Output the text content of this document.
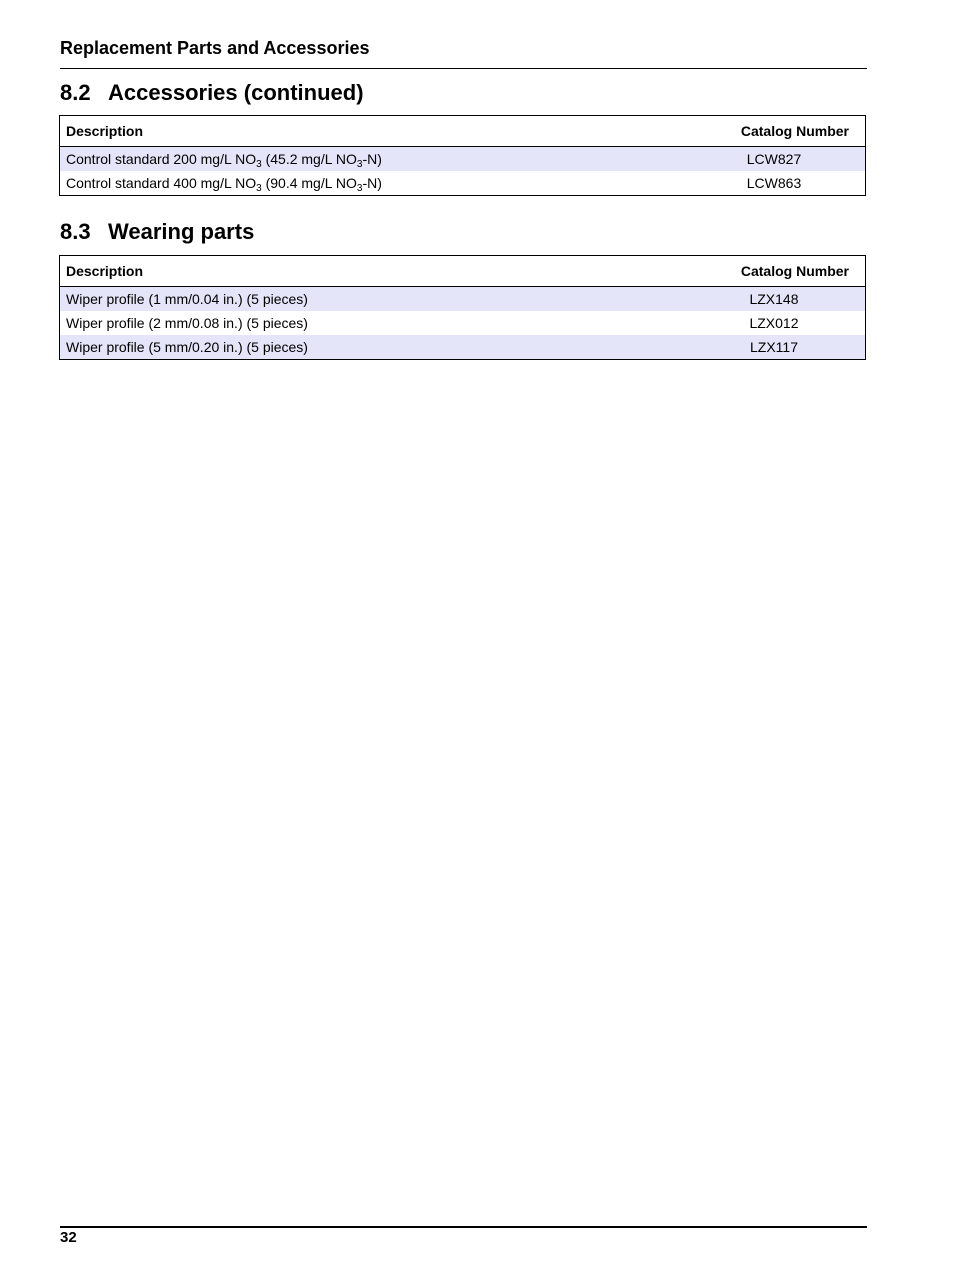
Replacement Parts and Accessories
8.2 Accessories (continued)
Description	Catalog Number
Control standard 200 mg/L $NO_3$ (45.2 mg/L $NO_3-N$)	LCW827
Control standard 400 mg/L $NO_3$ (90.4 mg/L $NO_3-N$)	LCW863
8.3 Wearing parts
Description	Catalog Number
Wiper profile (1 mm/0.04 in.) (5 pieces)	LZX148
Wiper profile (2 mm/0.08 in.) (5 pieces)	LZX012
Wiper profile (5 mm/0.20 in.) (5 pieces)	LZX117
32
